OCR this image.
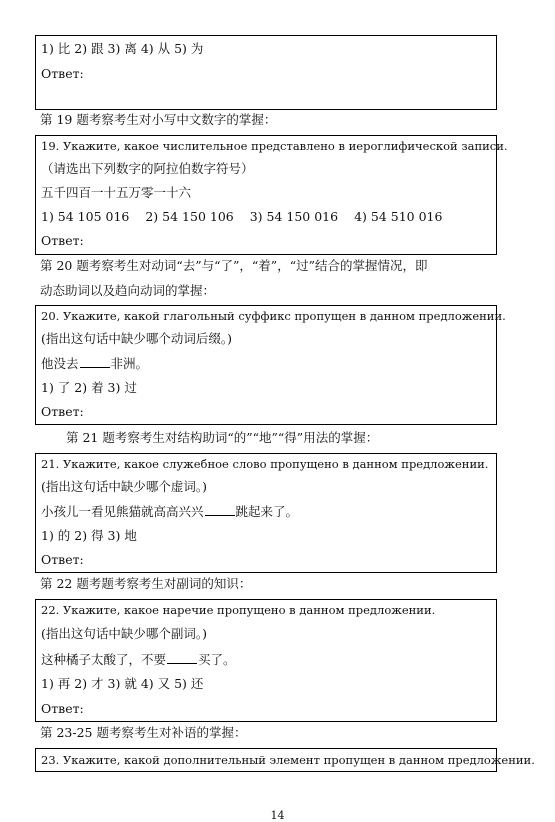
1) 比 2) 跟 3) 离 4) 从 5) 为
Ответ:
第 19 题考察考生对小写中文数字的掌握：
19. Укажите, какое числительное представлено в иероглифической записи.
（请选出下列数字的阿拉伯数字符号）
五千四百一十五万零一十六
1) 54 105 016 2) 54 150 106 3) 54 150 016 4) 54 510 016
Ответ:
第 20 题考察考生对动词“去”与“了”，“着”，“过”结合的掌握情况，即
动态助词以及趋向动词的掌握：
20. Укажите, какой глагольный суффикс пропущен в данном предложении.
(指出这句话中缺少哪个动词后缀。)
他没去	非洲。
1) 了 2) 着 3) 过
Ответ:
第 21 题考察考生对结构助词“的”“地”“得”用法的掌握：
21. Укажите, какое служебное слово пропущено в данном предложении.
(指出这句话中缺少哪个虚词。)
小孩儿一看见熊猫就高高兴兴	跳起来了。
1) 的 2) 得 3) 地
Ответ:
第 22 题考题考察考生对副词的知识：
22. Укажите, какое наречие пропущено в данном предложении.
(指出这句话中缺少哪个副词。)
这种橘子太酸了，不要	买了。
1) 再 2) 才 3) 就 4) 又 5) 还
Ответ:
第 23-25 题考察考生对补语的掌握：
23. Укажите, какой дополнительный элемент пропущен в данном предложении.
14
